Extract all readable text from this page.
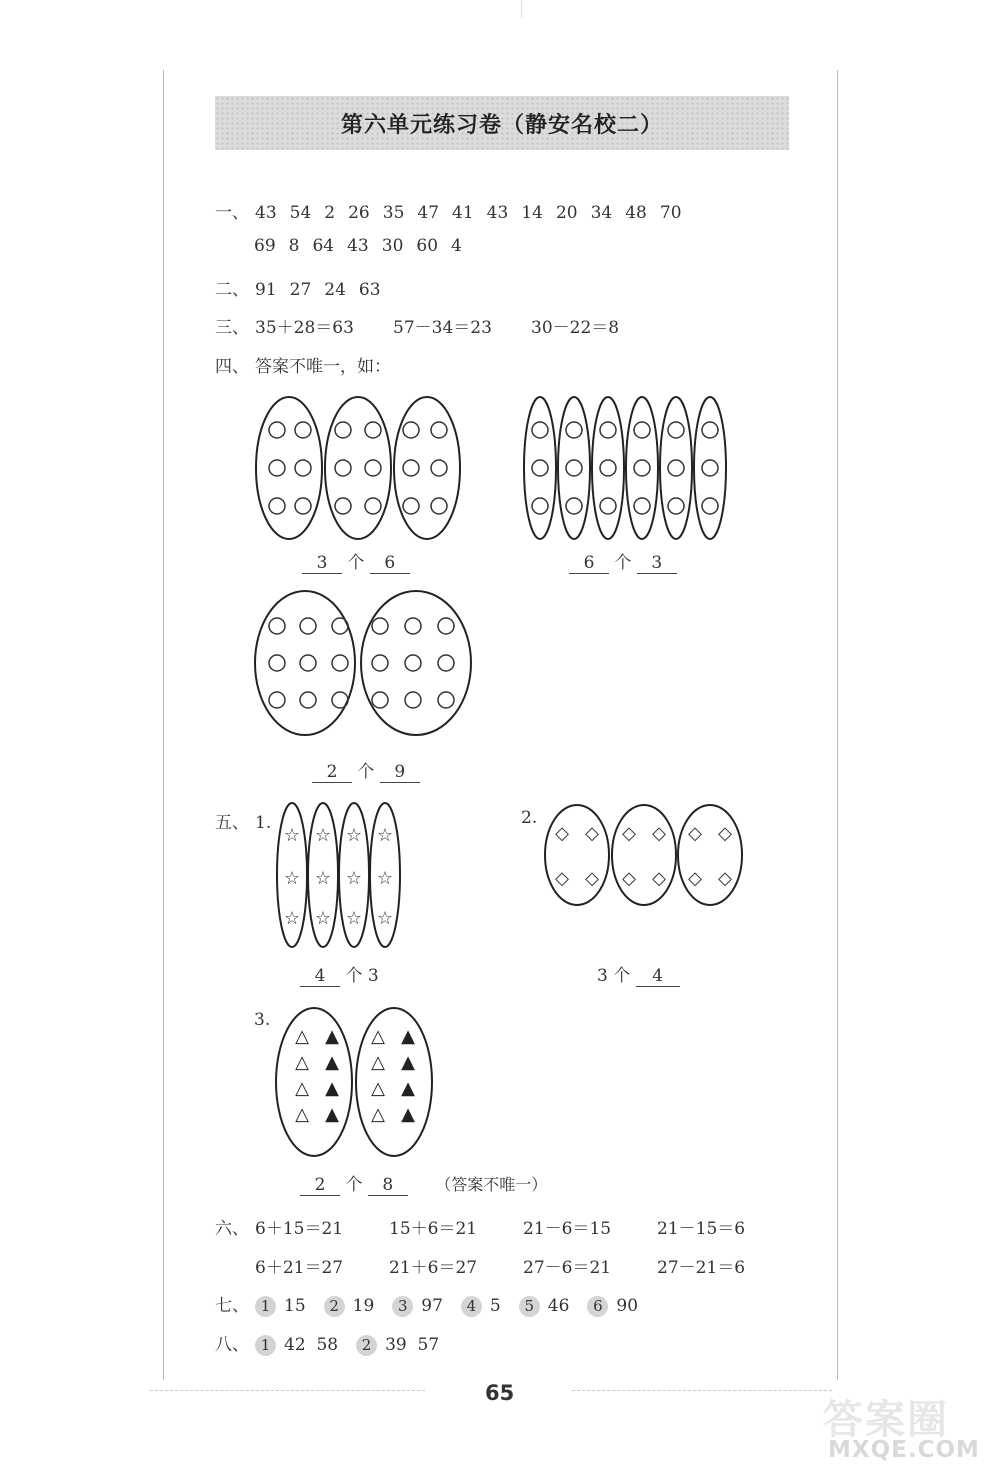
第六单元练习卷（静安名校二）
一、 43 54 2 26 35 47 41 43 14 20 34 48 70
69 8 64 43 30 60 4
二、 91 27 24 63
三、 35＋28＝63 57－34＝23 30－22＝8
四、 答案不唯一，如：
3 个 6	6 个 3
2 个 9
五、 1.
☆
☆
☆
☆
☆
☆
☆
☆
☆
☆
☆
☆
4 个 3
2.
◇ ◇
◇ ◇
◇ ◇
◇ ◇
◇ ◇
◇ ◇
3 个 4
3.
△ ▲
△ ▲
△ ▲
△ ▲
△ ▲
△ ▲
△ ▲
△ ▲
2 个 8	（答案不唯一）
六、 6＋15＝21	15＋6＝21	21－6＝15	21－15＝6
6＋21＝27	21＋6＝27	27－6＝21	27－21＝6
七、 1 15	2 19	3 97	4 5	5 46	6 90
八、 1 42  58	2 39  57
65
答案圈
MXQE.COM
